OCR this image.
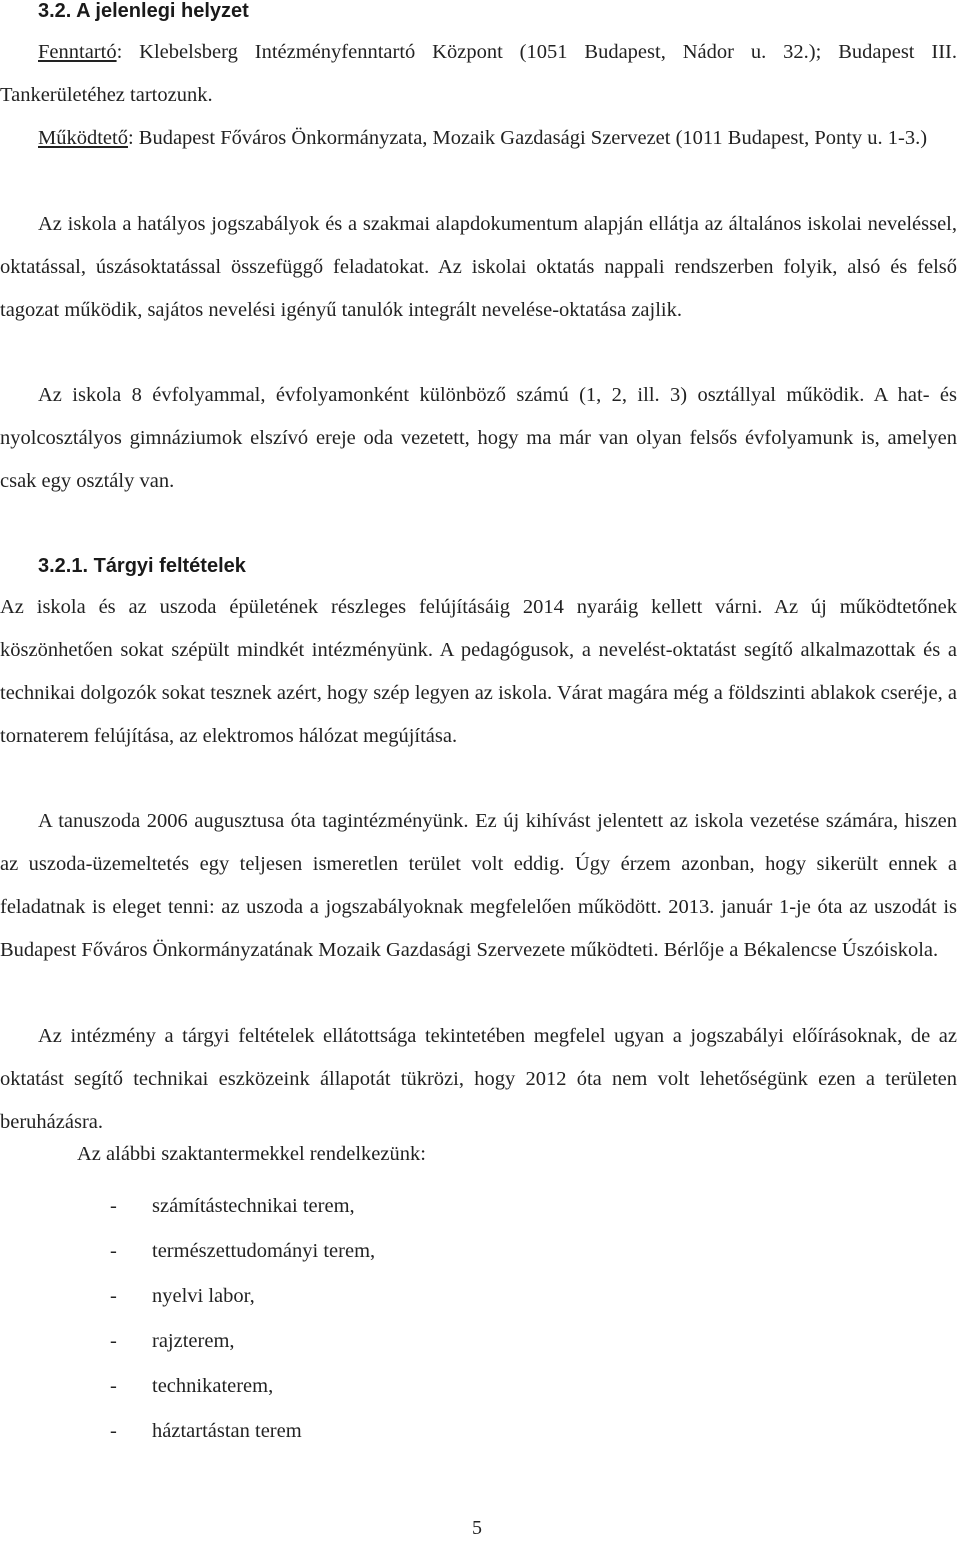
3.2. A jelenlegi helyzet

Fenntartó: Klebelsberg Intézményfenntartó Központ (1051 Budapest, Nádor u. 32.); Budapest III. Tankerületéhez tartozunk.

Működtető: Budapest Főváros Önkormányzata, Mozaik Gazdasági Szervezet (1011 Budapest, Ponty u. 1-3.)

Az iskola a hatályos jogszabályok és a szakmai alapdokumentum alapján ellátja az általános iskolai neveléssel, oktatással, úszásoktatással összefüggő feladatokat. Az iskolai oktatás nappali rendszerben folyik, alsó és felső tagozat működik, sajátos nevelési igényű tanulók integrált nevelése-oktatása zajlik.

Az iskola 8 évfolyammal, évfolyamonként különböző számú (1, 2, ill. 3) osztállyal működik. A hat- és nyolcosztályos gimnáziumok elszívó ereje oda vezetett, hogy ma már van olyan felsős évfolyamunk is, amelyen csak egy osztály van.

3.2.1. Tárgyi feltételek

Az iskola és az uszoda épületének részleges felújításáig 2014 nyaráig kellett várni. Az új működtetőnek köszönhetően sokat szépült mindkét intézményünk. A pedagógusok, a nevelést-oktatást segítő alkalmazottak és a technikai dolgozók sokat tesznek azért, hogy szép legyen az iskola. Várat magára még a földszinti ablakok cseréje, a tornaterem felújítása, az elektromos hálózat megújítása.

A tanuszoda 2006 augusztusa óta tagintézményünk. Ez új kihívást jelentett az iskola vezetése számára, hiszen az uszoda-üzemeltetés egy teljesen ismeretlen terület volt eddig. Úgy érzem azonban, hogy sikerült ennek a feladatnak is eleget tenni: az uszoda a jogszabályoknak megfelelően működött. 2013. január 1-je óta az uszodát is Budapest Főváros Önkormányzatának Mozaik Gazdasági Szervezete működteti. Bérlője a Békalencse Úszóiskola.

Az intézmény a tárgyi feltételek ellátottsága tekintetében megfelel ugyan a jogszabályi előírásoknak, de az oktatást segítő technikai eszközeink állapotát tükrözi, hogy 2012 óta nem volt lehetőségünk ezen a területen beruházásra.

Az alábbi szaktantermekkel rendelkezünk:
- számítástechnikai terem,
- természettudományi terem,
- nyelvi labor,
- rajzterem,
- technikaterem,
- háztartástan terem
5
